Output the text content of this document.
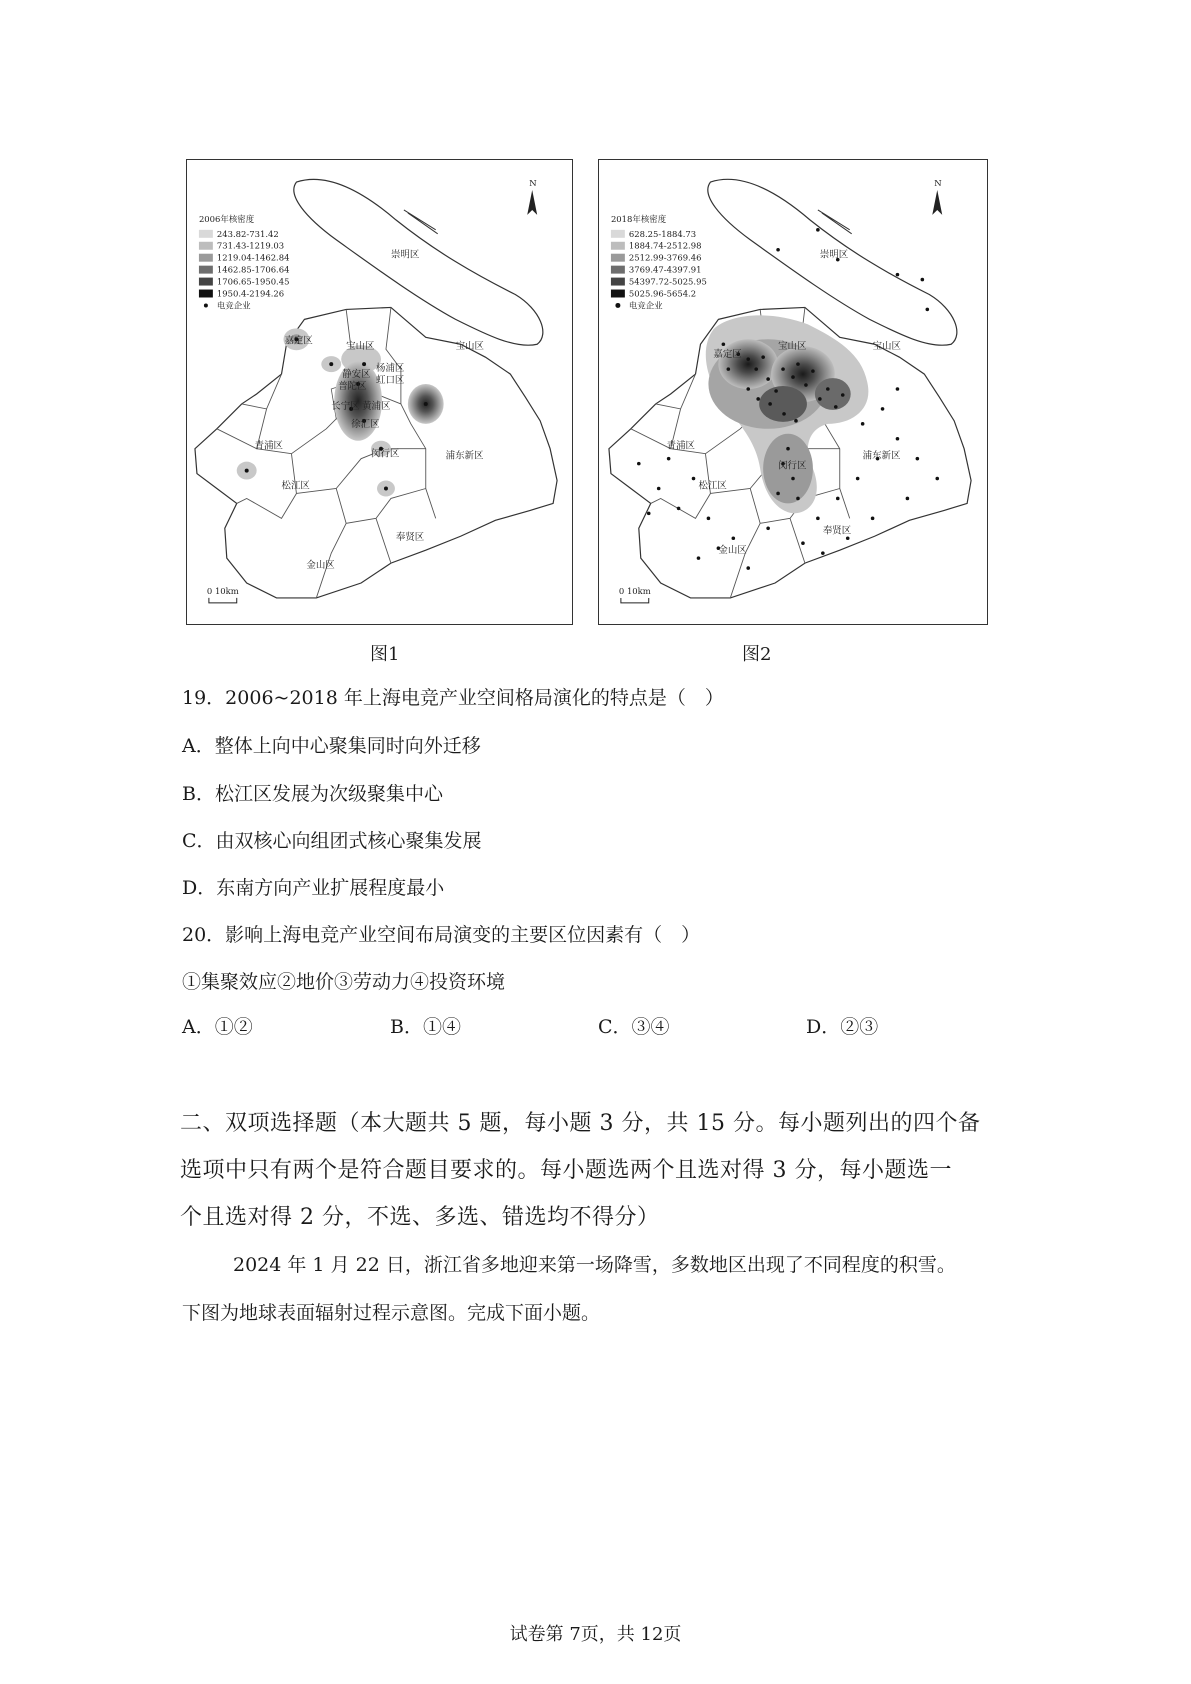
2006年核密度
243.82-731.42
731.43-1219.03
1219.04-1462.84
1462.85-1706.64
1706.65-1950.45
1950.4-2194.26
电竞企业
N
0 10km
崇明区
宝山区	宝山区
嘉定区
静安区
杨浦区
虹口区
普陀区
长宁区 黄浦区
徐汇区
青浦区
松江区
闵行区	浦东新区
奉贤区
金山区
图1
2018年核密度
628.25-1884.73
1884.74-2512.98
2512.99-3769.46
3769.47-4397.91
54397.72-5025.95
5025.96-5654.2
电竞企业
N
0 10km
崇明区
宝山区	宝山区
嘉定区
青浦区
松江区
闵行区
浦东新区
奉贤区
金山区
图2
19．2006~2018 年上海电竞产业空间格局演化的特点是（　）
A．整体上向中心聚集同时向外迁移
B．松江区发展为次级聚集中心
C．由双核心向组团式核心聚集发展
D．东南方向产业扩展程度最小
20．影响上海电竞产业空间布局演变的主要区位因素有（　）
①集聚效应②地价③劳动力④投资环境
A．①②	B．①④	C．③④	D．②③
二、双项选择题（本大题共 5 题，每小题 3 分，共 15 分。每小题列出的四个备
选项中只有两个是符合题目要求的。每小题选两个且选对得 3 分，每小题选一
个且选对得 2 分，不选、多选、错选均不得分）
2024 年 1 月 22 日，浙江省多地迎来第一场降雪，多数地区出现了不同程度的积雪。
下图为地球表面辐射过程示意图。完成下面小题。
试卷第 7页，共 12页
